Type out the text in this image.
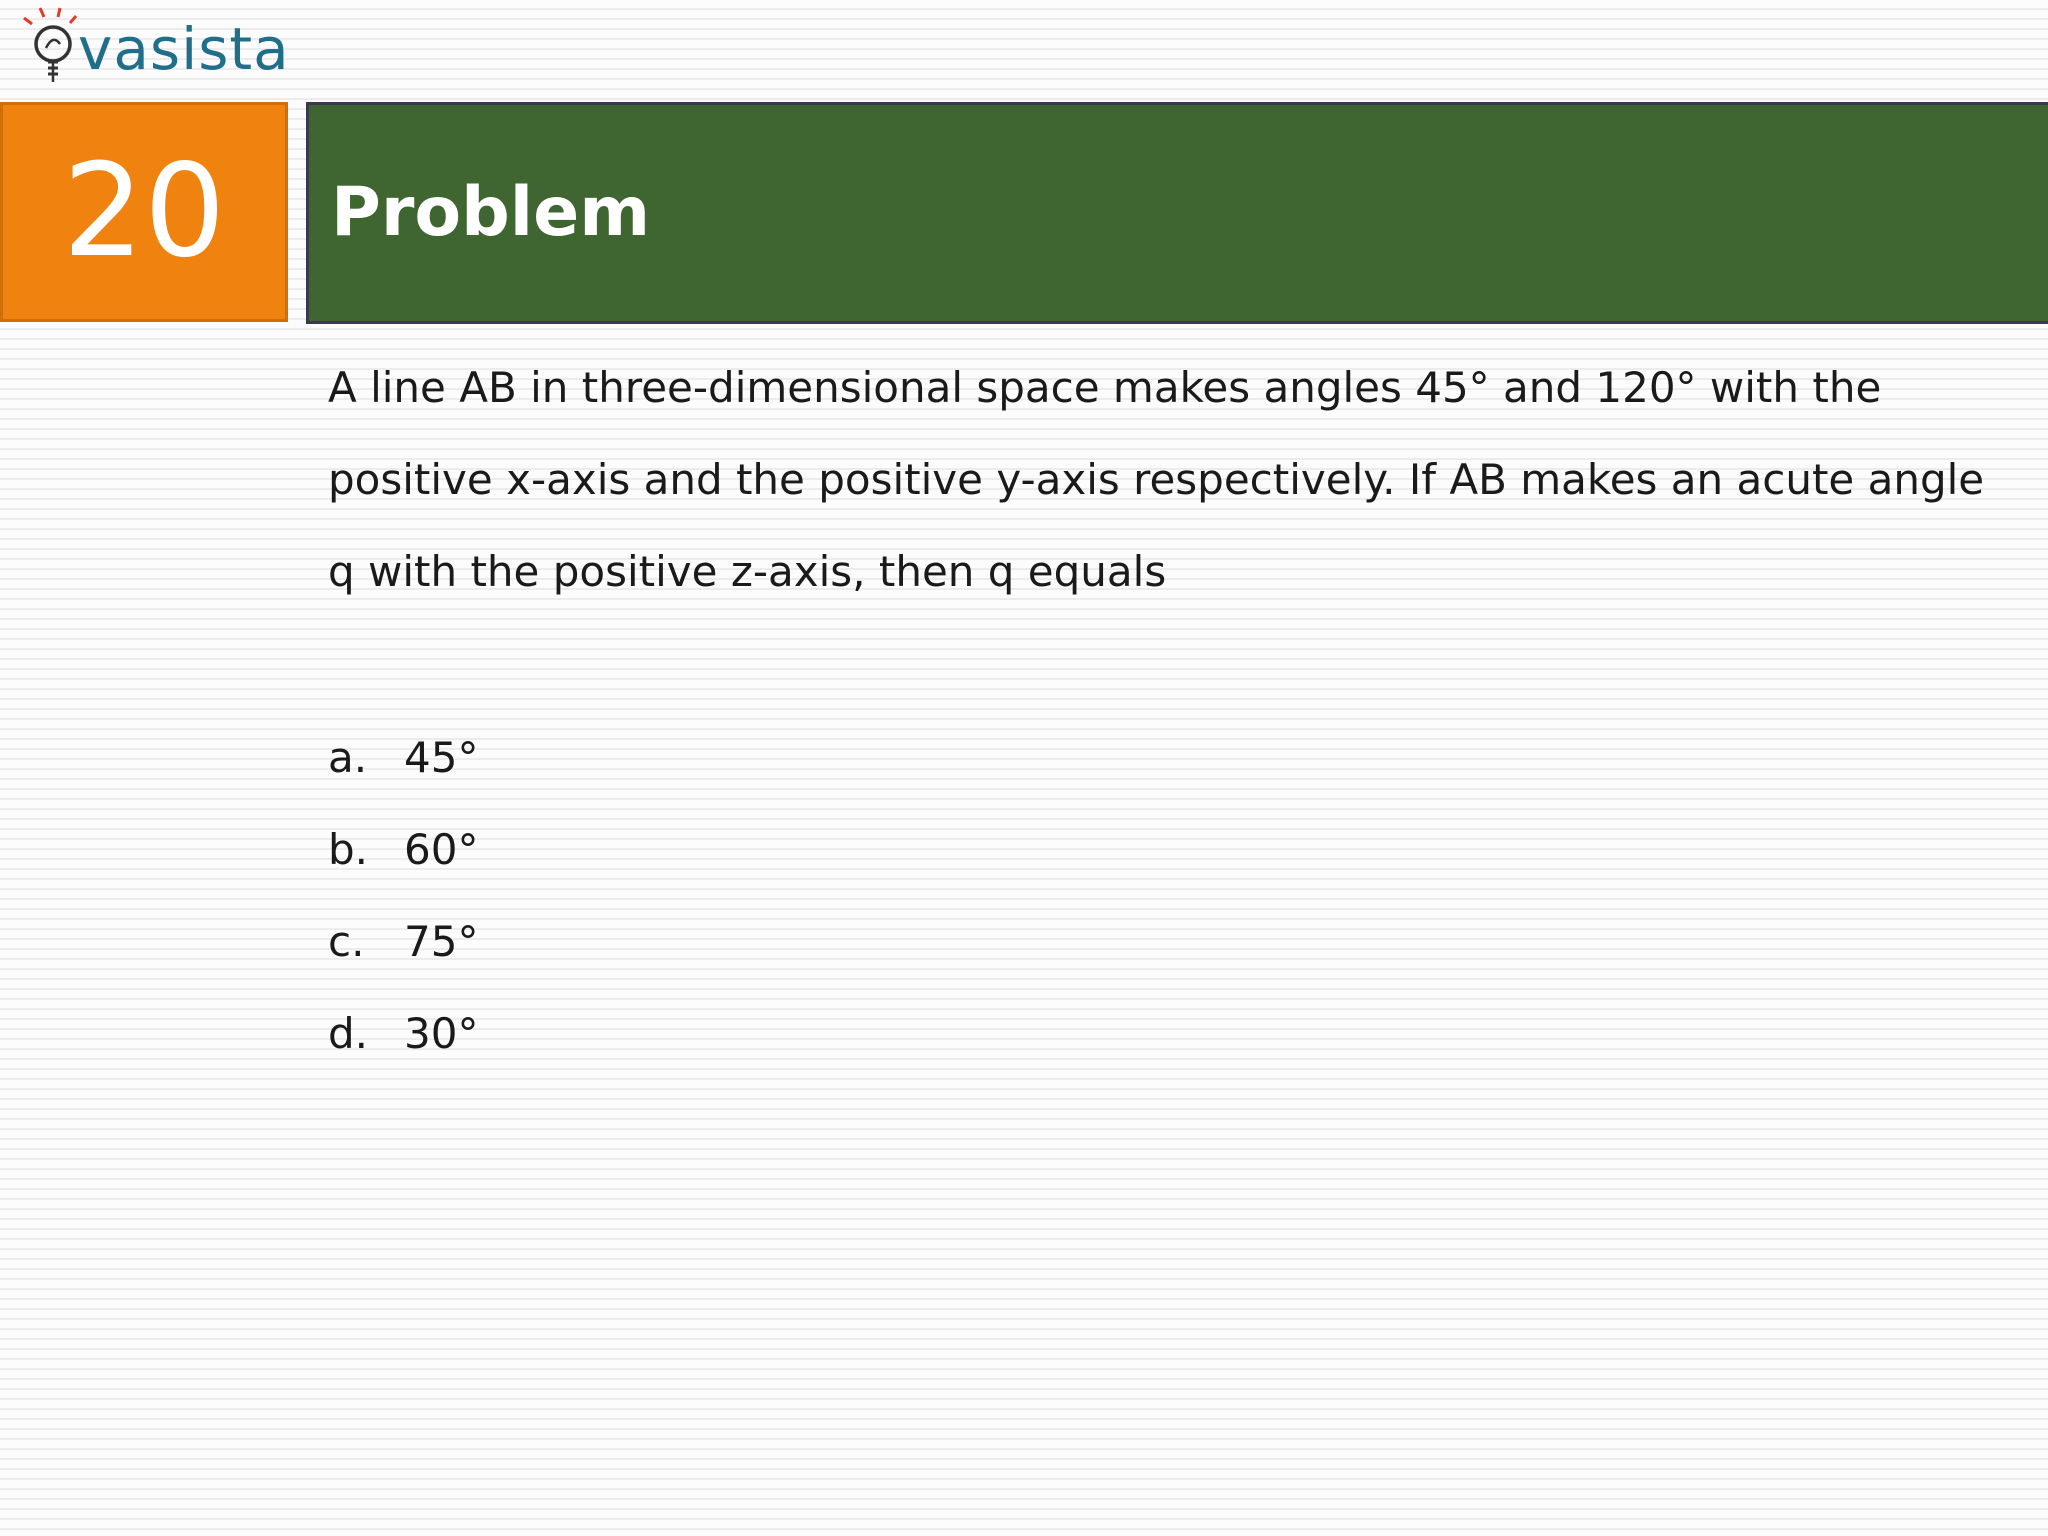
vasista
20	Problem

A line AB in three-dimensional space makes angles 45° and 120° with the positive x-axis and the positive y-axis respectively. If AB makes an acute angle q with the positive z-axis, then q equals

a. 45°
b. 60°
c. 75°
d. 30°
